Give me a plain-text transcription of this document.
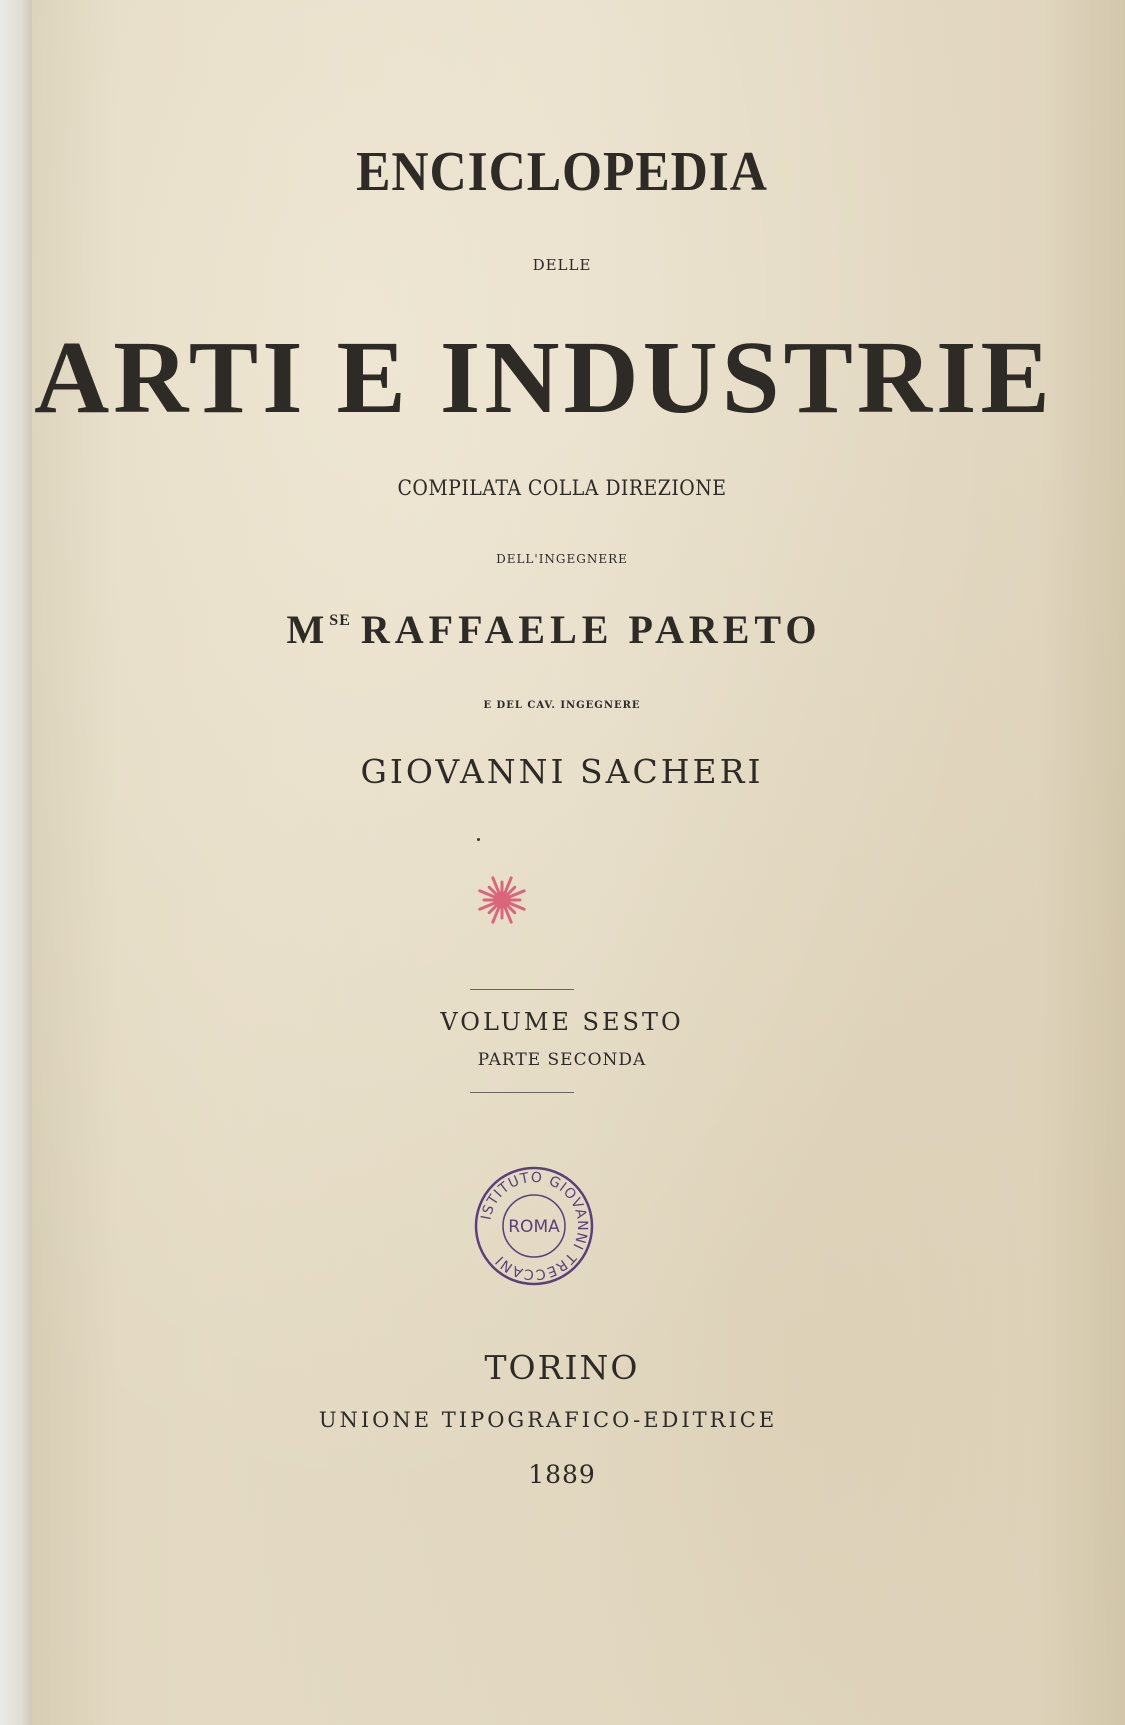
ENCICLOPEDIA
DELLE
ARTI E INDUSTRIE
COMPILATA COLLA DIREZIONE
DELL'INGEGNERE
$M^{SE}$ RAFFAELE PARETO
E DEL CAV. INGEGNERE
GIOVANNI SACHERI
VOLUME SESTO
PARTE SECONDA
ISTITUTO GIOVANNI TRECCANI
ROMA
TORINO
UNIONE TIPOGRAFICO-EDITRICE
1889
